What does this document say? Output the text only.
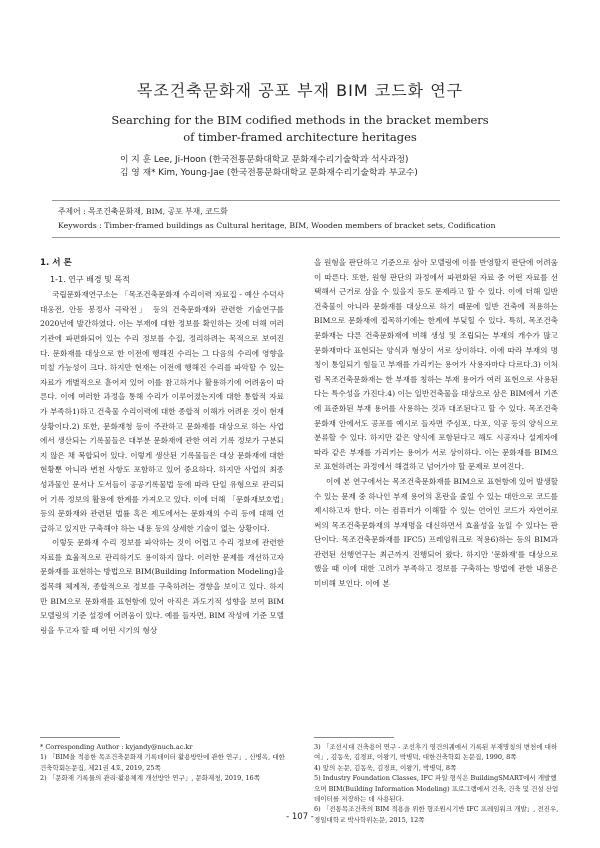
목조건축문화재 공포 부재 BIM 코드화 연구
Searching for the BIM codified methods in the bracket members
of timber-framed architecture heritages
이 지 훈 Lee, Ji-Hoon (한국전통문화대학교 문화재수리기술학과 석사과정)
김 영 재* Kim, Young-Jae (한국전통문화대학교 문화재수리기술학과 부교수)
주제어 : 목조건축문화재, BIM, 공포 부재, 코드화
Keywords : Timber-framed buildings as Cultural heritage, BIM, Wooden members of bracket sets, Codification
1. 서 론
1-1. 연구 배경 및 목적

국립문화재연구소는 「목조건축문화재 수리이력 자료집 - 예산 수덕사 대웅전, 안동 봉정사 극락전」 등의 건축문화재와 관련한 기술연구를 2020년에 발간하였다. 이는 부재에 대한 정보를 확인하는 것에 더해 여러 기관에 파편화되어 있는 수리 정보를 수집, 정리하려는 목적으로 보여진다. 문화재를 대상으로 한 이전에 행해진 수리는 그 다음의 수리에 영향을 미칠 가능성이 크다. 하지만 현재는 이전에 행해진 수리를 파악할 수 있는 자료가 개별적으로 흩어져 있어 이를 참고하거나 활용하기에 어려움이 따른다. 이에 여러한 과정을 통해 수리가 이루어졌는지에 대한 통합적 자료가 부족하1)하고 건축물 수리이력에 대한 종합적 이해가 어려운 것이 현재 상황이다.2) 또한, 문화재청 등이 주관하고 문화재를 대상으로 하는 사업에서 생산되는 기록물들은 대부분 문화재에 관한 여러 기록 정보가 구분되지 않은 채 복합되어 있다. 이렇게 생산된 기록물들은 대상 문화재에 대한 현황뿐 아니라 변천 사항도 포함하고 있어 중요하다. 하지만 사업의 최종 성과물인 문서나 도서들이 공공기록물법 등에 따라 단일 유형으로 관리되어 기록 정보의 활용에 한계를 가져오고 있다. 이에 더해 「문화재보호법」등의 문화재와 관련된 법률 혹은 제도에서는 문화재의 수리 등에 대해 언급하고 있지만 구축해야 하는 내용 등의 상세한 기술이 없는 상황이다.

이렇듯 문화재 수리 정보를 파악하는 것이 어렵고 수리 정보에 관련한 자료를 효율적으로 관리하기도 용이하지 않다. 이러한 문제를 개선하고자 문화재를 표현하는 방법으로 BIM(Building Information Modeling)을 접목해 체계적, 종합적으로 정보를 구축하려는 경향을 보이고 있다. 하지만 BIM으로 문화재를 표현함에 있어 아직은 과도기적 성향을 보여 BIM 모델링의 기준 설정에 어려움이 있다. 예를 들자면, BIM 작성에 기준 모델링을 두고자 할 때 어떤 시기의 형상

을 원형을 판단하고 기준으로 삼아 모델링에 이를 반영할지 판단에 어려움이 따른다. 또한, 원형 판단의 과정에서 파편화된 자료 중 어떤 자료를 선택해서 근거로 삼을 수 있을지 등도 문제라고 할 수 있다. 이에 더해 일반건축물이 아니라 문화재를 대상으로 하기 때문에 일반 건축에 적용하는 BIM으로 문화재에 접목하기에는 한계에 부딪힐 수 있다. 특히, 목조건축문화재는 다른 건축문화재에 비해 생성 및 조립되는 부재의 개수가 많고 문화재마다 표현되는 양식과 형상이 서로 상이하다. 이에 따라 부재의 명칭이 통일되기 힘들고 부재를 가리키는 용어가 사용자마다 다르다.3) 이처럼 목조건축문화재는 한 부재를 칭하는 부재 용어가 여러 표현으로 사용된다는 특수성을 가진다.4) 이는 일반건축물을 대상으로 삼은 BIM에서 기존에 표준화된 부재 용어를 사용하는 것과 대조된다고 할 수 있다. 목조건축문화재 안에서도 공포를 예시로 들자면 주심포, 다포, 익공 등의 양식으로 분류할 수 있다. 하지만 같은 양식에 포함된다고 해도 시공자나 설계자에 따라 같은 부재를 가리키는 용어가 서로 상이하다. 이는 문화재를 BIM으로 표현하려는 과정에서 해결하고 넘어가야 할 문제로 보여진다.

이에 본 연구에서는 목조건축문화재를 BIM으로 표현함에 있어 발생할 수 있는 문제 중 하나인 부재 용어의 혼란을 줄일 수 있는 대안으로 코드를 제시하고자 한다. 이는 컴퓨터가 이해할 수 있는 언어인 코드가 자연어로써의 목조건축문화재의 부재명을 대신하면서 효율성을 높일 수 있다는 판단이다. 목조건축문화재를 IFC5) 프레임워크로 적용6)하는 등의 BIM과 관련된 선행연구는 최근까지 진행되어 왔다. 하지만 '문화재'를 대상으로 했을 때 이에 대한 고려가 부족하고 정보를 구축하는 방법에 관한 내용은 미비해 보인다. 이에 본

* Corresponding Author : kyjandy@nuch.ac.kr
1) 「BIM을 적용한 목조건축문화재 기록데이터 활용방안에 관한 연구」, 신병옥, 대한건축학회논문집, 제21권 4호, 2019, 25쪽
2) 「문화재 기록물의 관리·활용체계 개선방안 연구」, 문화재청, 2019, 16쪽
3) 「조선시대 건축용어 연구 - 조선후기 영건의궤에서 기록된 부재명칭의 변천에 대하여」, 김동욱, 김경표, 이왕기, 박병덕, 대한건축학회 논문집, 1990, 8쪽
4) 앞의 논문, 김동욱, 김경표, 이왕기, 박병덕, 8쪽
5) Industry Foundation Classes, IFC 파일 형식은 BuildingSMART에서 개발했으며 BIM(Building Information Modeling) 프로그램에서 건축, 건축 및 건설 산업 데이터를 저장하는 데 사용된다.
6) 「전통목조건축의 BIM 적용을 위한 형조원시기반 IFC 프레임워크 개발」, 전진우, 경일대학교 박사학위논문, 2015, 12쪽
- 107 -
